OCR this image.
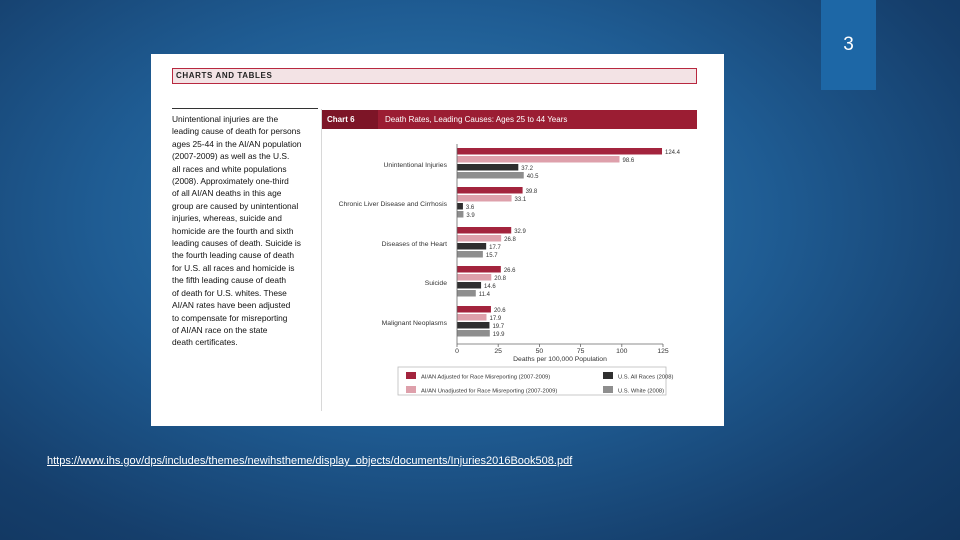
3
CHARTS AND TABLES
Unintentional injuries are the
leading cause of death for persons
ages 25-44 in the AI/AN population
(2007-2009) as well as the U.S.
all races and white populations
(2008). Approximately one-third
of all AI/AN deaths in this age
group are caused by unintentional
injuries, whereas, suicide and
homicide are the fourth and sixth
leading causes of death. Suicide is
the fourth leading cause of death
for U.S. all races and homicide is
the fifth leading cause of death
of death for U.S. whites. These
AI/AN rates have been adjusted
to compensate for misreporting
of AI/AN race on the state
death certificates.
Chart 6	Death Rates, Leading Causes: Ages 25 to 44 Years
Unintentional Injuries
124.4
98.6
37.2
40.5
Chronic Liver Disease and Cirrhosis
39.8
33.1
3.6
3.9
Diseases of the Heart
32.9
26.8
17.7
15.7
Suicide
26.6
20.8
14.6
11.4
Malignant Neoplasms
20.6
17.9
19.7
19.9
0	25	50	75	100	125
Deaths per 100,000 Population
AI/AN Adjusted for Race Misreporting (2007-2009)	U.S. All Races (2008)
AI/AN Unadjusted for Race Misreporting (2007-2009)	U.S. White (2008)
https://www.ihs.gov/dps/includes/themes/newihstheme/display_objects/documents/Injuries2016Book508.pdf
